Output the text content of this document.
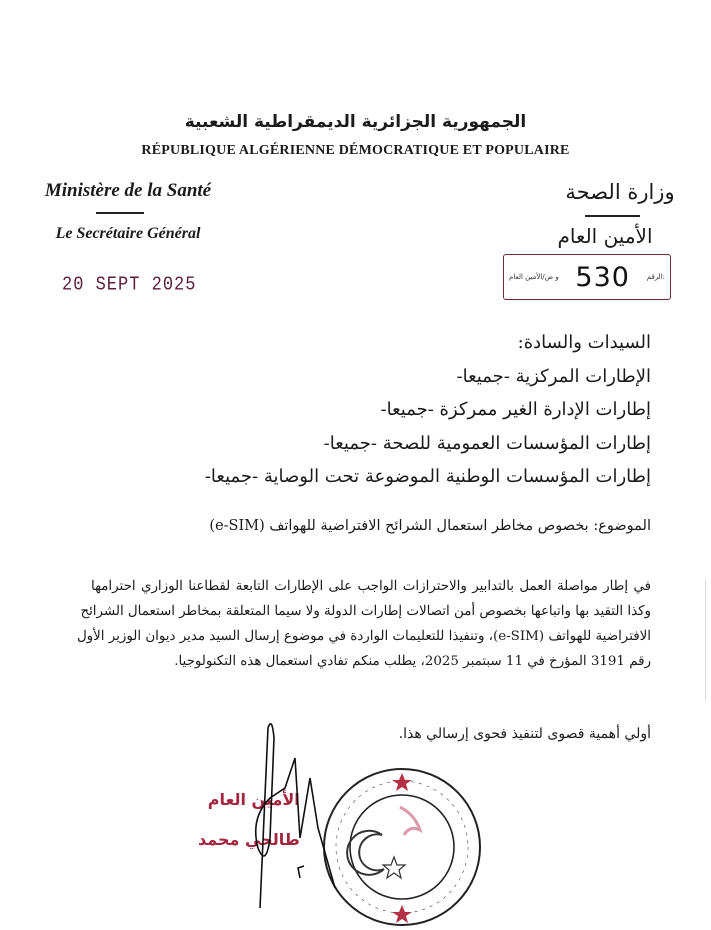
الجمهورية الجزائرية الديمقراطية الشعبية
RÉPUBLIQUE ALGÉRIENNE DÉMOCRATIQUE ET POPULAIRE
Ministère de la Santé
Le Secrétaire Général
20 SEPT 2025
وزارة الصحة
الأمين العام
و ص/الأمين العام 530 الرقم:
السيدات والسادة:
الإطارات المركزية -جميعا-
إطارات الإدارة الغير ممركزة -جميعا-
إطارات المؤسسات العمومية للصحة -جميعا-
إطارات المؤسسات الوطنية الموضوعة تحت الوصاية -جميعا-
الموضوع: بخصوص مخاطر استعمال الشرائح الافتراضية للهواتف (e-SIM)
في إطار مواصلة العمل بالتدابير والاحترازات الواجب على الإطارات التابعة لقطاعنا الوزاري احترامها
وكذا التقيد بها واتباعها بخصوص أمن اتصالات إطارات الدولة ولا سيما المتعلقة بمخاطر استعمال الشرائح
الافتراضية للهواتف (e-SIM)، وتنفيذا للتعليمات الواردة في موضوع إرسال السيد مدير ديوان الوزير الأول
رقم 3191 المؤرخ في 11 سبتمبر 2025، يطلب منكم تفادي استعمال هذه التكنولوجيا.
أولي أهمية قصوى لتنفيذ فحوى إرسالي هذا.
الأمين العام
طالحي محمد
